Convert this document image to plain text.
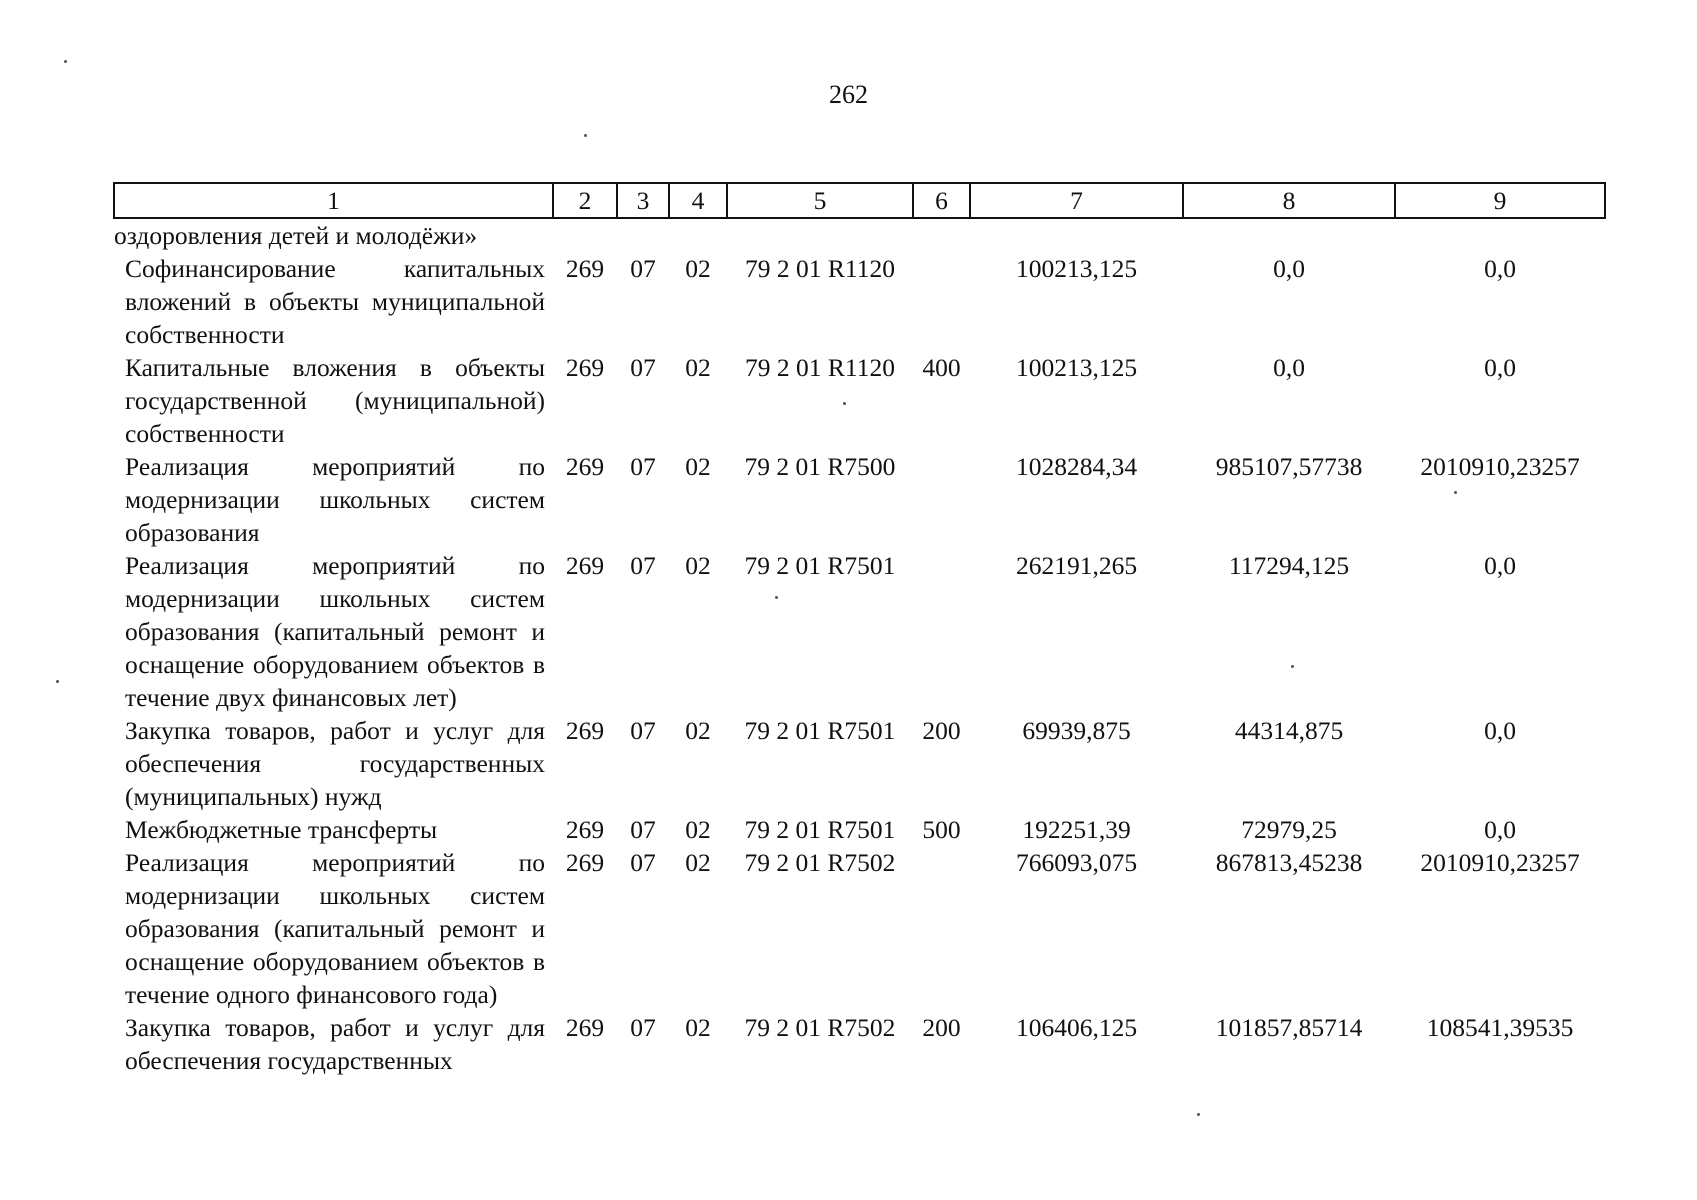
262
1	2	3	4	5	6	7	8	9
оздоровления детей и молодёжи»								

Софинансирование капитальных вложений в объекты муниципальной собственности	269	07	02	79 2 01 R1120		100213,125	0,0	0,0

Капитальные вложения в объекты государственной (муниципальной) собственности	269	07	02	79 2 01 R1120	400	100213,125	0,0	0,0

Реализация мероприятий по модернизации школьных систем образования	269	07	02	79 2 01 R7500		1028284,34	985107,57738	2010910,23257

Реализация мероприятий по модернизации школьных систем образования (капитальный ремонт и оснащение оборудованием объектов в течение двух финансовых лет)	269	07	02	79 2 01 R7501		262191,265	117294,125	0,0

Закупка товаров, работ и услуг для обеспечения государственных (муниципальных) нужд	269	07	02	79 2 01 R7501	200	69939,875	44314,875	0,0

Межбюджетные трансферты	269	07	02	79 2 01 R7501	500	192251,39	72979,25	0,0

Реализация мероприятий по модернизации школьных систем образования (капитальный ремонт и оснащение оборудованием объектов в течение одного финансового года)	269	07	02	79 2 01 R7502		766093,075	867813,45238	2010910,23257

Закупка товаров, работ и услуг для обеспечения государственных	269	07	02	79 2 01 R7502	200	106406,125	101857,85714	108541,39535
